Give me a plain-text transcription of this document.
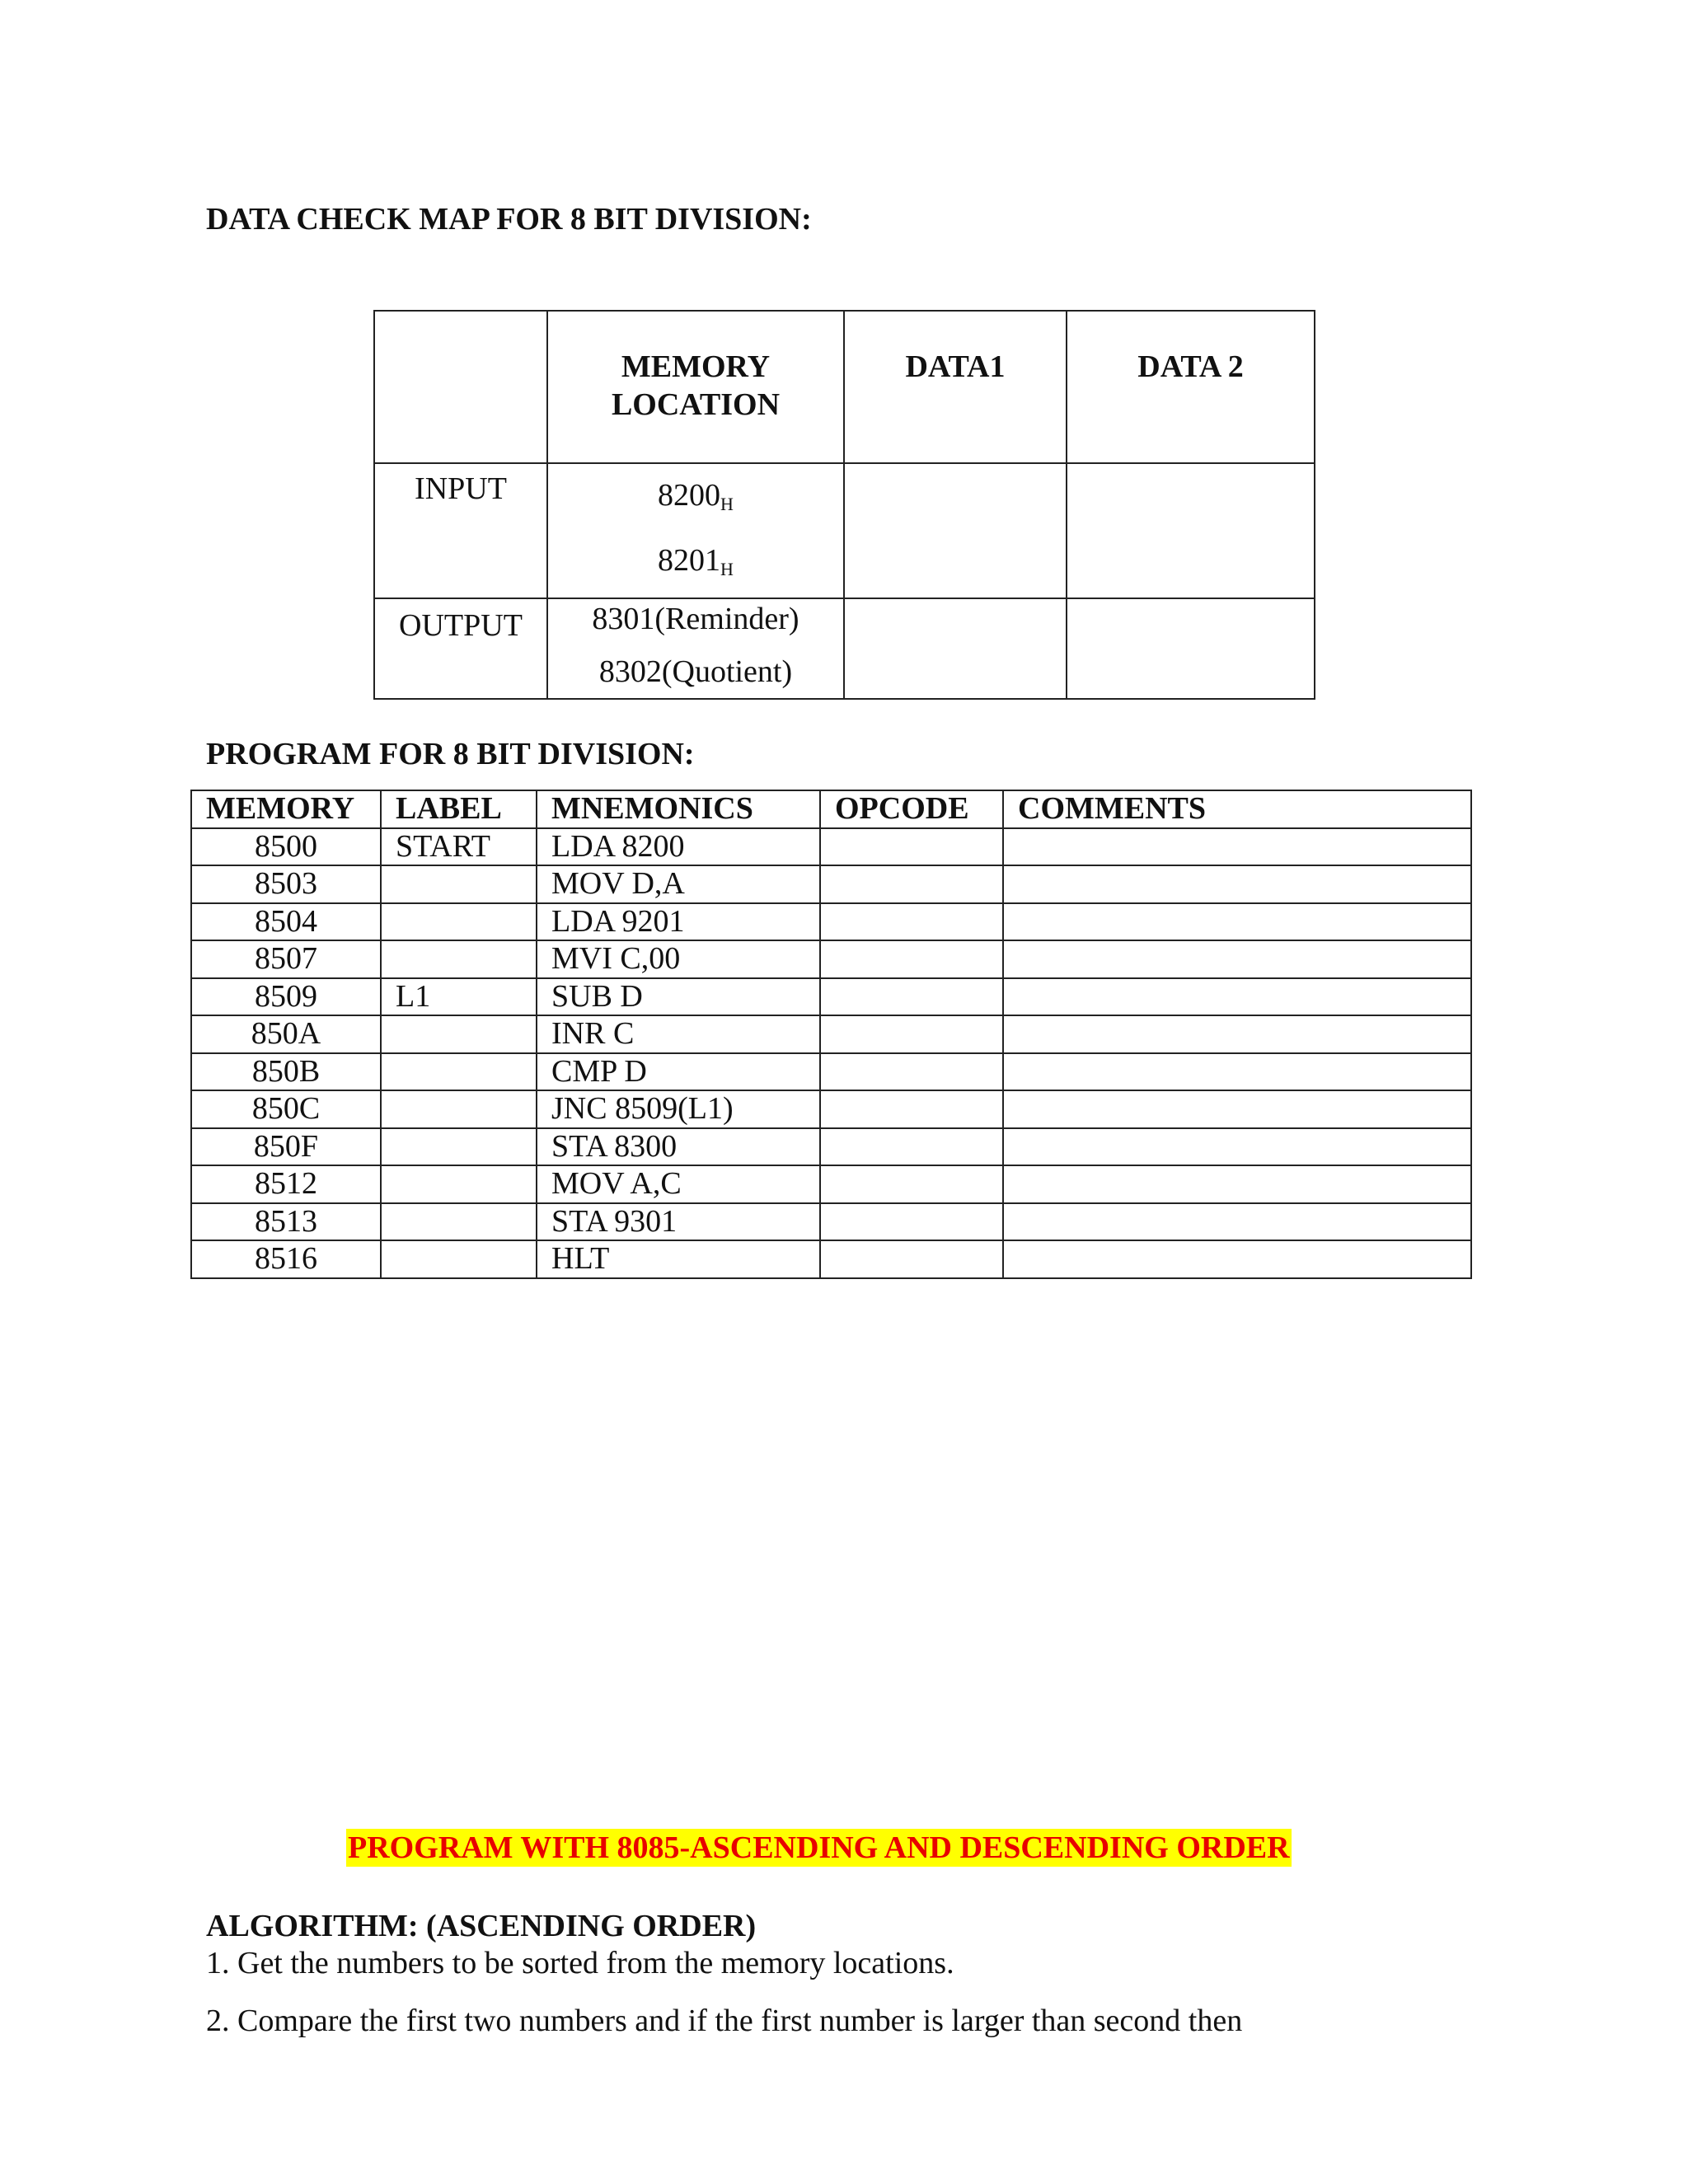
DATA CHECK MAP FOR 8 BIT DIVISION:
	MEMORY LOCATION	DATA1	DATA 2
INPUT	$8200_H$
$8201_H$

OUTPUT	8301(Reminder)
8302(Quotient)		

PROGRAM FOR 8 BIT DIVISION:
MEMORY	LABEL	MNEMONICS	OPCODE	COMMENTS
8500	START	LDA 8200		
8503		MOV D,A		
8504		LDA 9201		
8507		MVI C,00		
8509	L1	SUB D		
850A		INR C		
850B		CMP D		
850C		JNC 8509(L1)		
850F		STA 8300		
8512		MOV A,C		
8513		STA 9301		
8516		HLT		
PROGRAM WITH 8085-ASCENDING AND DESCENDING ORDER
ALGORITHM: (ASCENDING ORDER)
1. Get the numbers to be sorted from the memory locations.
2. Compare the first two numbers and if the first number is larger than second then
